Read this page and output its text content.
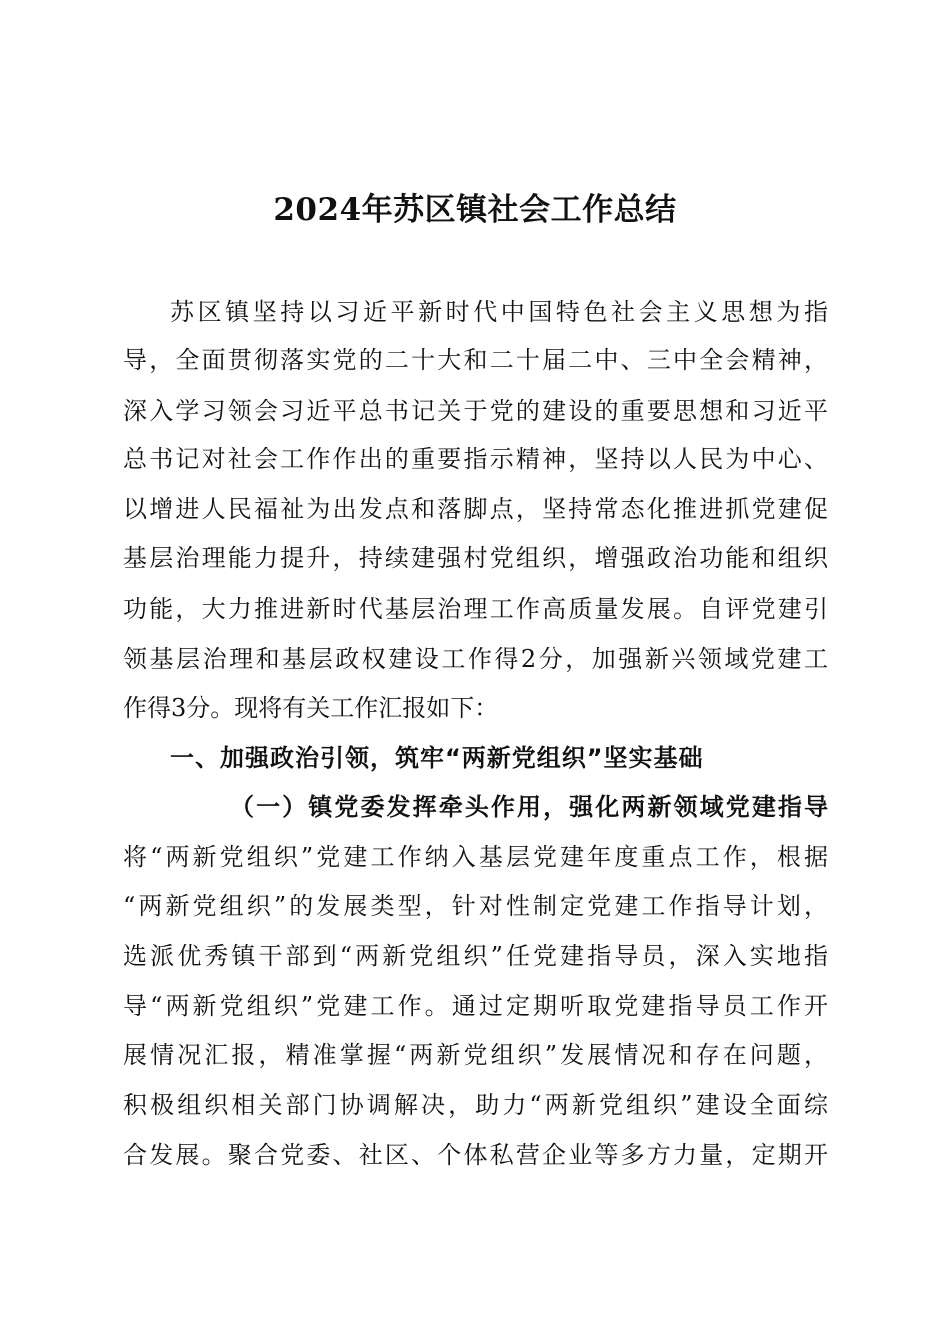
2024年苏区镇社会工作总结
苏区镇坚持以习近平新时代中国特色社会主义思想为指
导，全面贯彻落实党的二十大和二十届二中、三中全会精神，
深入学习领会习近平总书记关于党的建设的重要思想和习近平
总书记对社会工作作出的重要指示精神，坚持以人民为中心、
以增进人民福祉为出发点和落脚点，坚持常态化推进抓党建促
基层治理能力提升，持续建强村党组织，增强政治功能和组织
功能，大力推进新时代基层治理工作高质量发展。自评党建引
领基层治理和基层政权建设工作得2分，加强新兴领域党建工
作得3分。现将有关工作汇报如下：
一、加强政治引领，筑牢“两新党组织”坚实基础
（一）镇党委发挥牵头作用，强化两新领域党建指导
将“两新党组织”党建工作纳入基层党建年度重点工作，根据
“两新党组织”的发展类型，针对性制定党建工作指导计划，
选派优秀镇干部到“两新党组织”任党建指导员，深入实地指
导“两新党组织”党建工作。通过定期听取党建指导员工作开
展情况汇报，精准掌握“两新党组织”发展情况和存在问题，
积极组织相关部门协调解决，助力“两新党组织”建设全面综
合发展。聚合党委、社区、个体私营企业等多方力量，定期开
